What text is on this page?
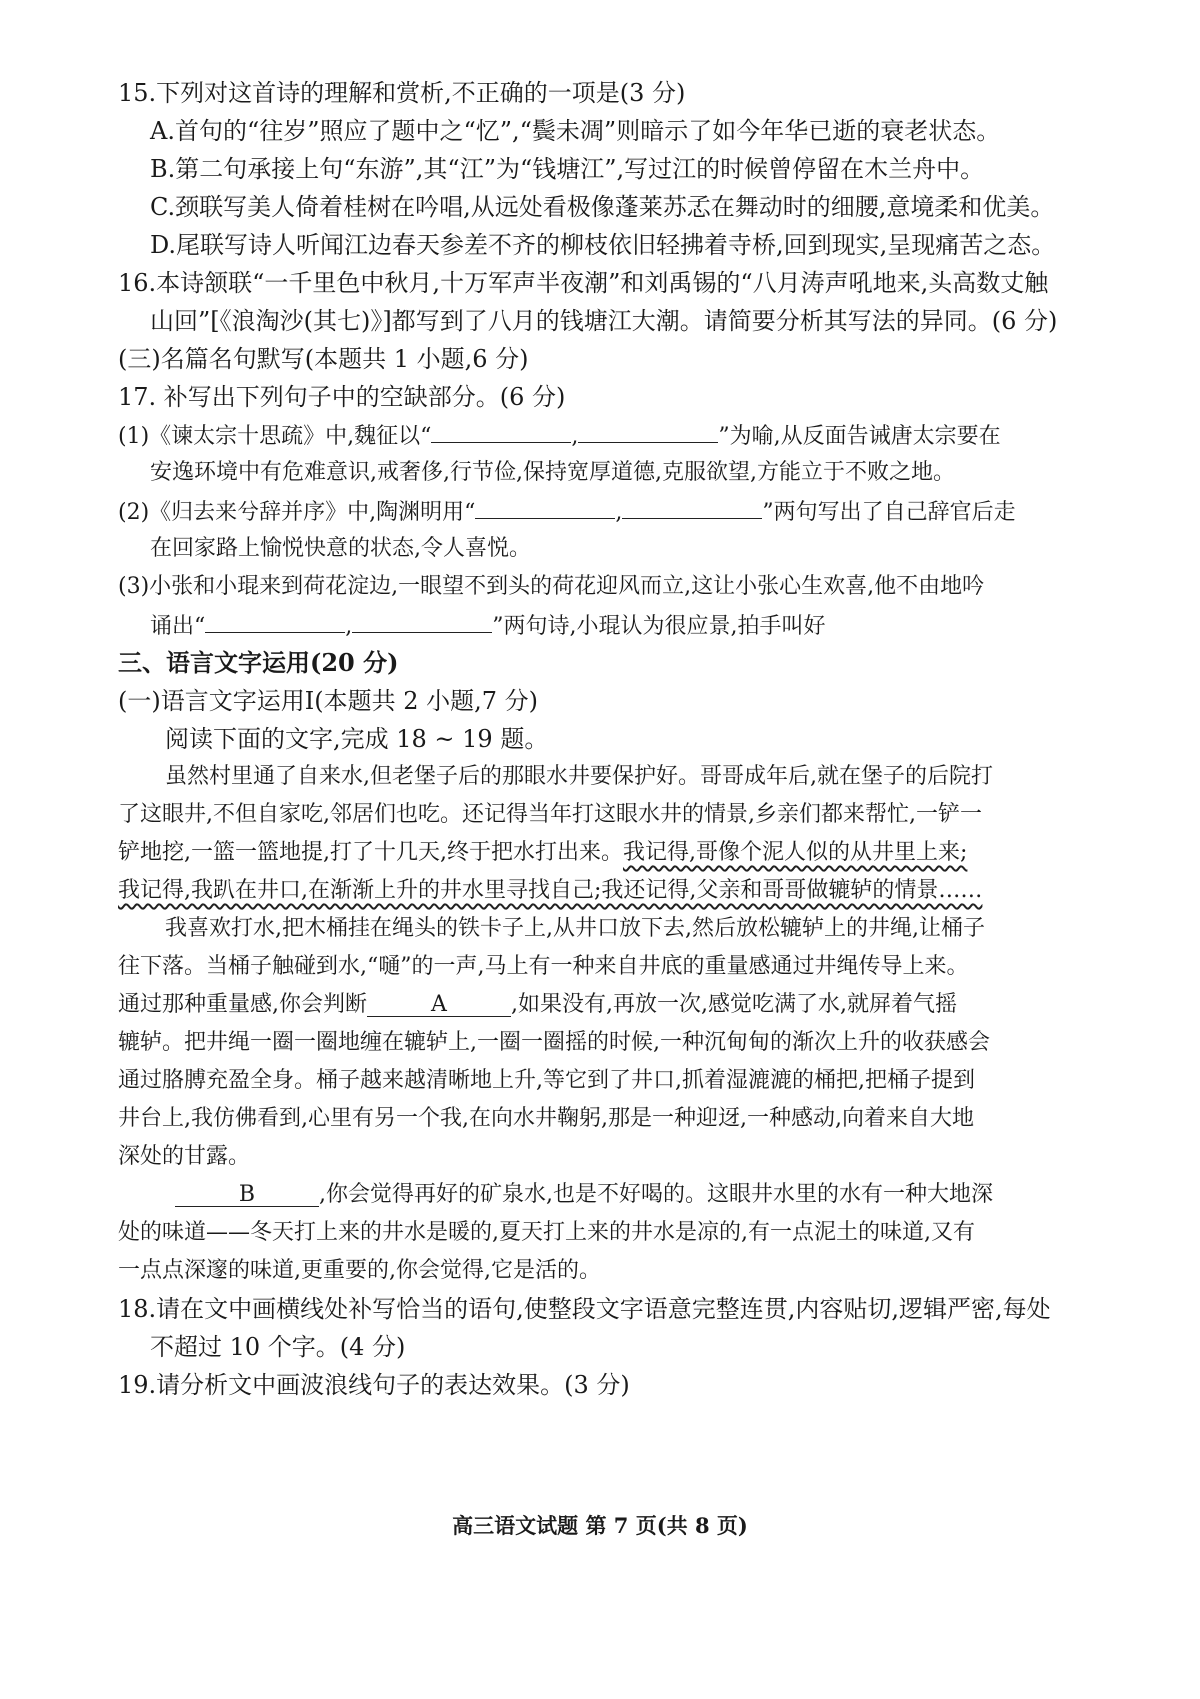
15.下列对这首诗的理解和赏析,不正确的一项是(3 分)
A.首句的“往岁”照应了题中之“忆”,“鬓未凋”则暗示了如今年华已逝的衰老状态。
B.第二句承接上句“东游”,其“江”为“钱塘江”,写过江的时候曾停留在木兰舟中。
C.颈联写美人倚着桂树在吟唱,从远处看极像蓬莱苏孞在舞动时的细腰,意境柔和优美。
D.尾联写诗人听闻江边春天参差不齐的柳枝依旧轻拂着寺桥,回到现实,呈现痛苦之态。
16.本诗颔联“一千里色中秋月,十万军声半夜潮”和刘禹锡的“八月涛声吼地来,头高数丈触
山回”[《浪淘沙(其七)》]都写到了八月的钱塘江大潮。请简要分析其写法的异同。(6 分)
(三)名篇名句默写(本题共 1 小题,6 分)
17. 补写出下列句子中的空缺部分。(6 分)
(1)《谏太宗十思疏》中,魏征以“	,	”为喻,从反面告诫唐太宗要在
安逸环境中有危难意识,戒奢侈,行节俭,保持宽厚道德,克服欲望,方能立于不败之地。
(2)《归去来兮辞并序》中,陶渊明用“	,	”两句写出了自己辞官后走
在回家路上愉悦快意的状态,令人喜悦。
(3)小张和小琨来到荷花淀边,一眼望不到头的荷花迎风而立,这让小张心生欢喜,他不由地吟
诵出“	,	”两句诗,小琨认为很应景,拍手叫好
三、语言文字运用(20 分)
(一)语言文字运用Ⅰ(本题共 2 小题,7 分)
阅读下面的文字,完成 18 ~ 19 题。
虽然村里通了自来水,但老堡子后的那眼水井要保护好。哥哥成年后,就在堡子的后院打
了这眼井,不但自家吃,邻居们也吃。还记得当年打这眼水井的情景,乡亲们都来帮忙,一铲一
铲地挖,一篮一篮地提,打了十几天,终于把水打出来。我记得,哥像个泥人似的从井里上来;
我记得,我趴在井口,在渐渐上升的井水里寻找自己;我还记得,父亲和哥哥做辘轳的情景……
我喜欢打水,把木桶挂在绳头的铁卡子上,从井口放下去,然后放松辘轳上的井绳,让桶子
往下落。当桶子触碰到水,“嗵”的一声,马上有一种来自井底的重量感通过井绳传导上来。
通过那种重量感,你会判断	A	,如果没有,再放一次,感觉吃满了水,就屏着气摇
辘轳。把井绳一圈一圈地缠在辘轳上,一圈一圈摇的时候,一种沉甸甸的渐次上升的收获感会
通过胳膊充盈全身。桶子越来越清晰地上升,等它到了井口,抓着湿漉漉的桶把,把桶子提到
井台上,我仿佛看到,心里有另一个我,在向水井鞠躬,那是一种迎迓,一种感动,向着来自大地
深处的甘露。
B	,你会觉得再好的矿泉水,也是不好喝的。这眼井水里的水有一种大地深
处的味道——冬天打上来的井水是暖的,夏天打上来的井水是凉的,有一点泥土的味道,又有
一点点深邃的味道,更重要的,你会觉得,它是活的。
18.请在文中画横线处补写恰当的语句,使整段文字语意完整连贯,内容贴切,逻辑严密,每处
不超过 10 个字。(4 分)
19.请分析文中画波浪线句子的表达效果。(3 分)
高三语文试题 第 7 页(共 8 页)
